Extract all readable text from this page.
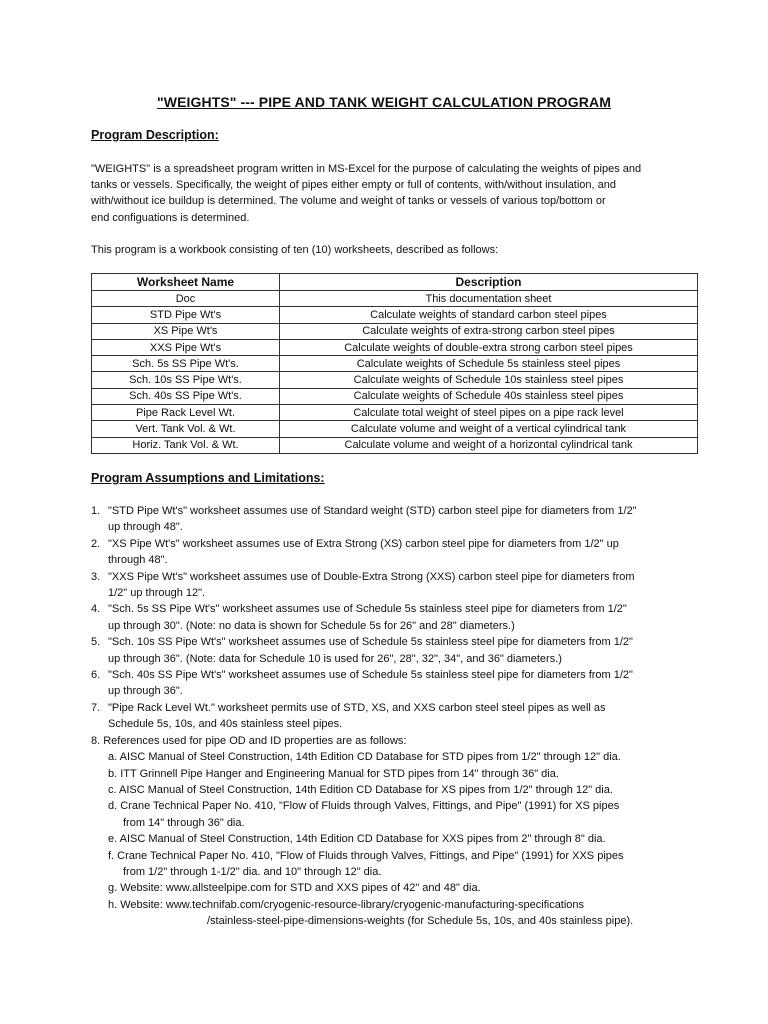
"WEIGHTS" --- PIPE AND TANK WEIGHT CALCULATION PROGRAM
Program Description:
"WEIGHTS" is a spreadsheet program written in MS-Excel for the purpose of calculating the weights of pipes and
tanks or vessels. Specifically, the weight of pipes either empty or full of contents, with/without insulation, and
with/without ice buildup is determined. The volume and weight of tanks or vessels of various top/bottom or
end configuations is determined.
This program is a workbook consisting of ten (10) worksheets, described as follows:
Worksheet Name	Description
Doc	This documentation sheet
STD Pipe Wt's	Calculate weights of standard carbon steel pipes
XS Pipe Wt's	Calculate weights of extra-strong carbon steel pipes
XXS Pipe Wt's	Calculate weights of double-extra strong carbon steel pipes
Sch. 5s SS Pipe Wt's.	Calculate weights of Schedule 5s stainless steel pipes
Sch. 10s SS Pipe Wt's.	Calculate weights of Schedule 10s stainless steel pipes
Sch. 40s SS Pipe Wt's.	Calculate weights of Schedule 40s stainless steel pipes
Pipe Rack Level Wt.	Calculate total weight of steel pipes on a pipe rack level
Vert. Tank Vol. & Wt.	Calculate volume and weight of a vertical cylindrical tank
Horiz. Tank Vol. & Wt.	Calculate volume and weight of a horizontal cylindrical tank
Program Assumptions and Limitations:
1. "STD Pipe Wt's" worksheet assumes use of Standard weight (STD) carbon steel pipe for diameters from 1/2"
up through 48".
2. "XS Pipe Wt's" worksheet assumes use of Extra Strong (XS) carbon steel pipe for diameters from 1/2" up
through 48".
3. "XXS Pipe Wt's" worksheet assumes use of Double-Extra Strong (XXS) carbon steel pipe for diameters from
1/2" up through 12".
4. "Sch. 5s SS Pipe Wt's" worksheet assumes use of Schedule 5s stainless steel pipe for diameters from 1/2"
up through 30". (Note: no data is shown for Schedule 5s for 26" and 28" diameters.)
5. "Sch. 10s SS Pipe Wt's" worksheet assumes use of Schedule 5s stainless steel pipe for diameters from 1/2"
up through 36". (Note: data for Schedule 10 is used for 26", 28", 32", 34", and 36" diameters.)
6. "Sch. 40s SS Pipe Wt's" worksheet assumes use of Schedule 5s stainless steel pipe for diameters from 1/2"
up through 36".
7. "Pipe Rack Level Wt." worksheet permits use of STD, XS, and XXS carbon steel steel pipes as well as
Schedule 5s, 10s, and 40s stainless steel pipes.
8. References used for pipe OD and ID properties are as follows:
a. AISC Manual of Steel Construction, 14th Edition CD Database for STD pipes from 1/2" through 12" dia.
b. ITT Grinnell Pipe Hanger and Engineering Manual for STD pipes from 14" through 36" dia.
c. AISC Manual of Steel Construction, 14th Edition CD Database for XS pipes from 1/2" through 12" dia.
d. Crane Technical Paper No. 410, "Flow of Fluids through Valves, Fittings, and Pipe" (1991) for XS pipes
from 14" through 36" dia.
e. AISC Manual of Steel Construction, 14th Edition CD Database for XXS pipes from 2" through 8" dia.
f. Crane Technical Paper No. 410, "Flow of Fluids through Valves, Fittings, and Pipe" (1991) for XXS pipes
from 1/2" through 1-1/2" dia. and 10" through 12" dia.
g. Website: www.allsteelpipe.com for STD and XXS pipes of 42" and 48" dia.
h. Website: www.technifab.com/cryogenic-resource-library/cryogenic-manufacturing-specifications
/stainless-steel-pipe-dimensions-weights (for Schedule 5s, 10s, and 40s stainless pipe).
